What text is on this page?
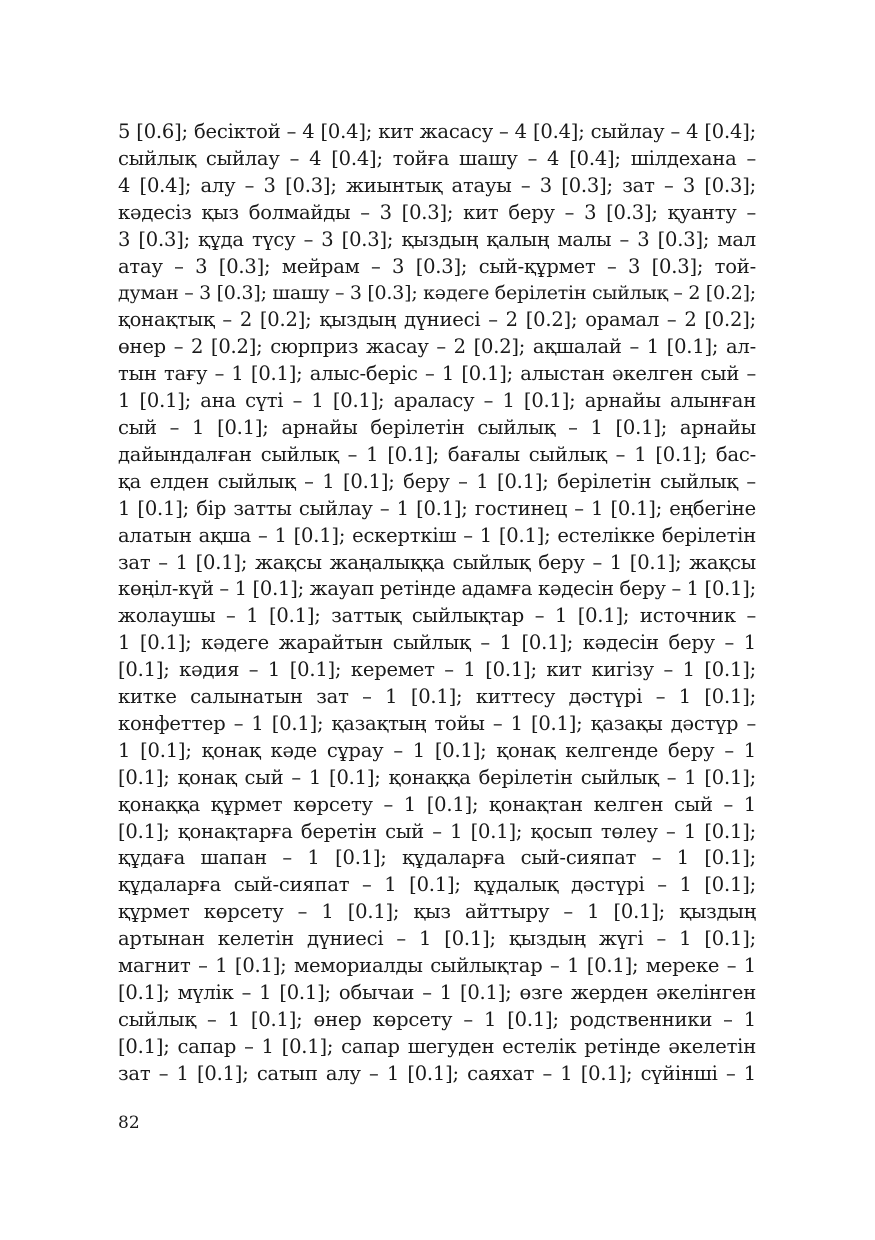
5 [0.6]; бесіктой – 4 [0.4]; кит жасасу – 4 [0.4]; сыйлау – 4 [0.4];
сыйлық сыйлау – 4 [0.4]; тойға шашу – 4 [0.4]; шілдехана –
4 [0.4]; алу – 3 [0.3]; жиынтық атауы – 3 [0.3]; зат – 3 [0.3];
кәдесіз қыз болмайды – 3 [0.3]; кит беру – 3 [0.3]; қуанту –
3 [0.3]; құда түсу – 3 [0.3]; қыздың қалың малы – 3 [0.3]; мал
атау – 3 [0.3]; мейрам – 3 [0.3]; сый-құрмет – 3 [0.3]; той-
думан – 3 [0.3]; шашу – 3 [0.3]; кәдеге берілетін сыйлық – 2 [0.2];
қонақтық – 2 [0.2]; қыздың дүниесі – 2 [0.2]; орамал – 2 [0.2];
өнер – 2 [0.2]; сюрприз жасау – 2 [0.2]; ақшалай – 1 [0.1]; ал-
тын тағу – 1 [0.1]; алыс-беріс – 1 [0.1]; алыстан әкелген сый –
1 [0.1]; ана сүті – 1 [0.1]; араласу – 1 [0.1]; арнайы алынған
сый – 1 [0.1]; арнайы берілетін сыйлық – 1 [0.1]; арнайы
дайындалған сыйлық – 1 [0.1]; бағалы сыйлық – 1 [0.1]; бас-
қа елден сыйлық – 1 [0.1]; беру – 1 [0.1]; берілетін сыйлық –
1 [0.1]; бір затты сыйлау – 1 [0.1]; гостинец – 1 [0.1]; еңбегіне
алатын ақша – 1 [0.1]; ескерткіш – 1 [0.1]; естелікке берілетін
зат – 1 [0.1]; жақсы жаңалыққа сыйлық беру – 1 [0.1]; жақсы
көңіл-күй – 1 [0.1]; жауап ретінде адамға кәдесін беру – 1 [0.1];
жолаушы – 1 [0.1]; заттық сыйлықтар – 1 [0.1]; источник –
1 [0.1]; кәдеге жарайтын сыйлық – 1 [0.1]; кәдесін беру – 1
[0.1]; кәдия – 1 [0.1]; керемет – 1 [0.1]; кит кигізу – 1 [0.1];
китке салынатын зат – 1 [0.1]; киттесу дәстүрі – 1 [0.1];
конфеттер – 1 [0.1]; қазақтың тойы – 1 [0.1]; қазақы дәстүр –
1 [0.1]; қонақ кәде сұрау – 1 [0.1]; қонақ келгенде беру – 1
[0.1]; қонақ сый – 1 [0.1]; қонаққа берілетін сыйлық – 1 [0.1];
қонаққа құрмет көрсету – 1 [0.1]; қонақтан келген сый – 1
[0.1]; қонақтарға беретін сый – 1 [0.1]; қосып төлеу – 1 [0.1];
құдаға шапан – 1 [0.1]; құдаларға сый-сияпат – 1 [0.1];
құдаларға сый-сияпат – 1 [0.1]; құдалық дәстүрі – 1 [0.1];
құрмет көрсету – 1 [0.1]; қыз айттыру – 1 [0.1]; қыздың
артынан келетін дүниесі – 1 [0.1]; қыздың жүгі – 1 [0.1];
магнит – 1 [0.1]; мемориалды сыйлықтар – 1 [0.1]; мереке – 1
[0.1]; мүлік – 1 [0.1]; обычаи – 1 [0.1]; өзге жерден әкелінген
сыйлық – 1 [0.1]; өнер көрсету – 1 [0.1]; родственники – 1
[0.1]; сапар – 1 [0.1]; сапар шегуден естелік ретінде әкелетін
зат – 1 [0.1]; сатып алу – 1 [0.1]; саяхат – 1 [0.1]; сүйінші – 1

82
